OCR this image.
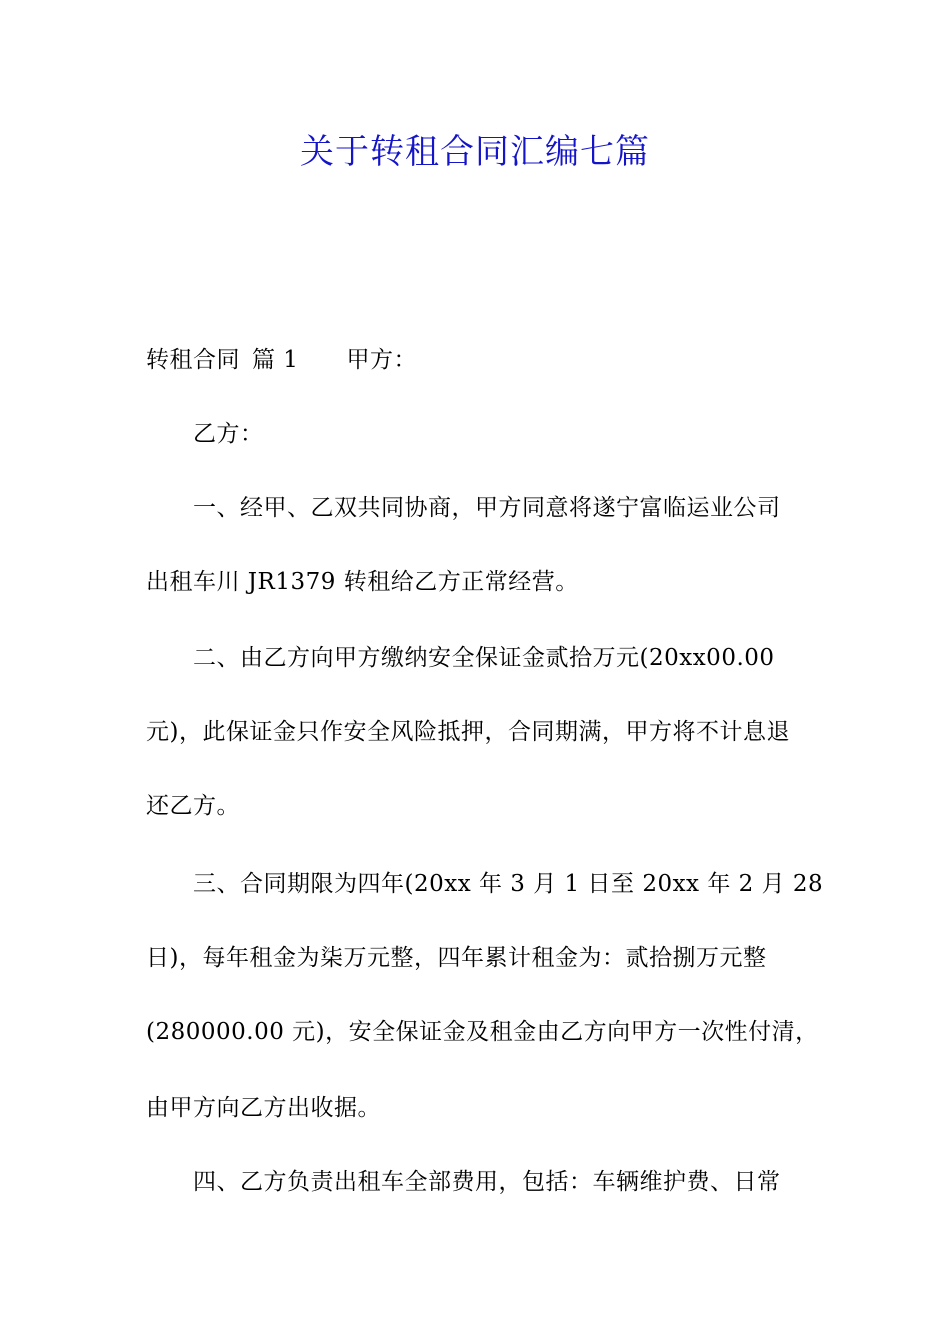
关于转租合同汇编七篇
转租合同 篇 1 甲方：
乙方：
一、经甲、乙双共同协商，甲方同意将遂宁富临运业公司
出租车川 JR1379 转租给乙方正常经营。
二、由乙方向甲方缴纳安全保证金贰拾万元(20xx00.00
元)，此保证金只作安全风险抵押，合同期满，甲方将不计息退
还乙方。
三、合同期限为四年(20xx 年 3 月 1 日至 20xx 年 2 月 28
日)，每年租金为柒万元整，四年累计租金为：贰拾捌万元整
(280000.00 元)，安全保证金及租金由乙方向甲方一次性付清，
由甲方向乙方出收据。
四、乙方负责出租车全部费用，包括：车辆维护费、日常
